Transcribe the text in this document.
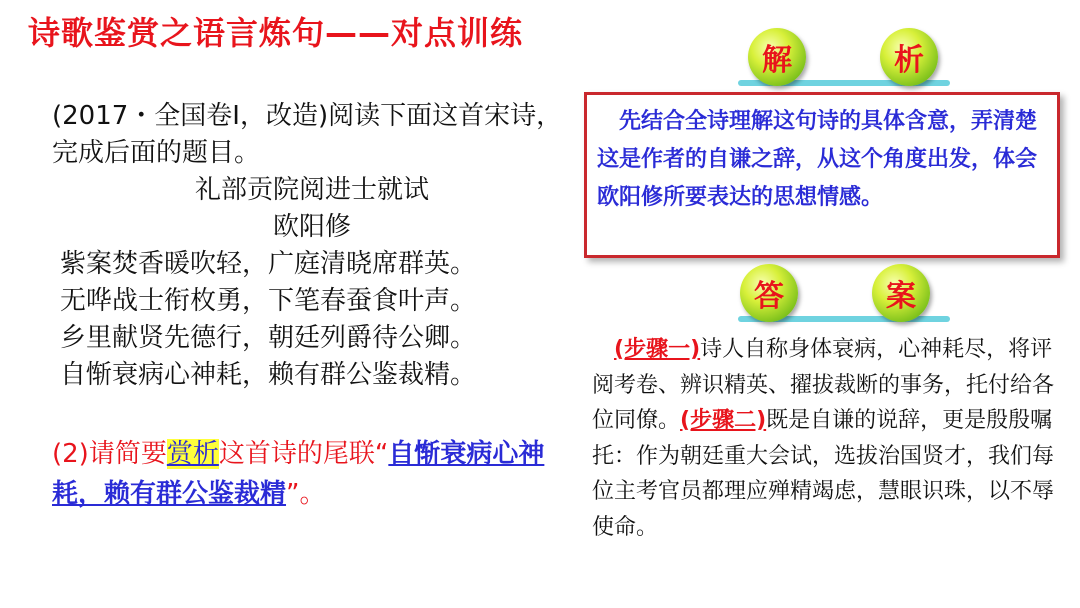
诗歌鉴赏之语言炼句——对点训练

(2017・全国卷Ⅰ，改造)阅读下面这首宋诗，完成后面的题目。

礼部贡院阅进士就试

欧阳修

紫案焚香暖吹轻，广庭清晓席群英。

无哗战士衔枚勇，下笔春蚕食叶声。

乡里献贤先德行，朝廷列爵待公卿。

自惭衰病心神耗，赖有群公鉴裁精。

(2)请简要赏析这首诗的尾联“自惭衰病心神耗，赖有群公鉴裁精”。
解	析
　先结合全诗理解这句诗的具体含意，弄清楚这是作者的自谦之辞，从这个角度出发，体会欧阳修所要表达的思想情感。
答	案
　(步骤一)诗人自称身体衰病，心神耗尽，将评阅考卷、辨识精英、擢拔裁断的事务，托付给各位同僚。(步骤二)既是自谦的说辞，更是殷殷嘱托：作为朝廷重大会试，选拔治国贤才，我们每位主考官员都理应殚精竭虑，慧眼识珠，以不辱使命。
